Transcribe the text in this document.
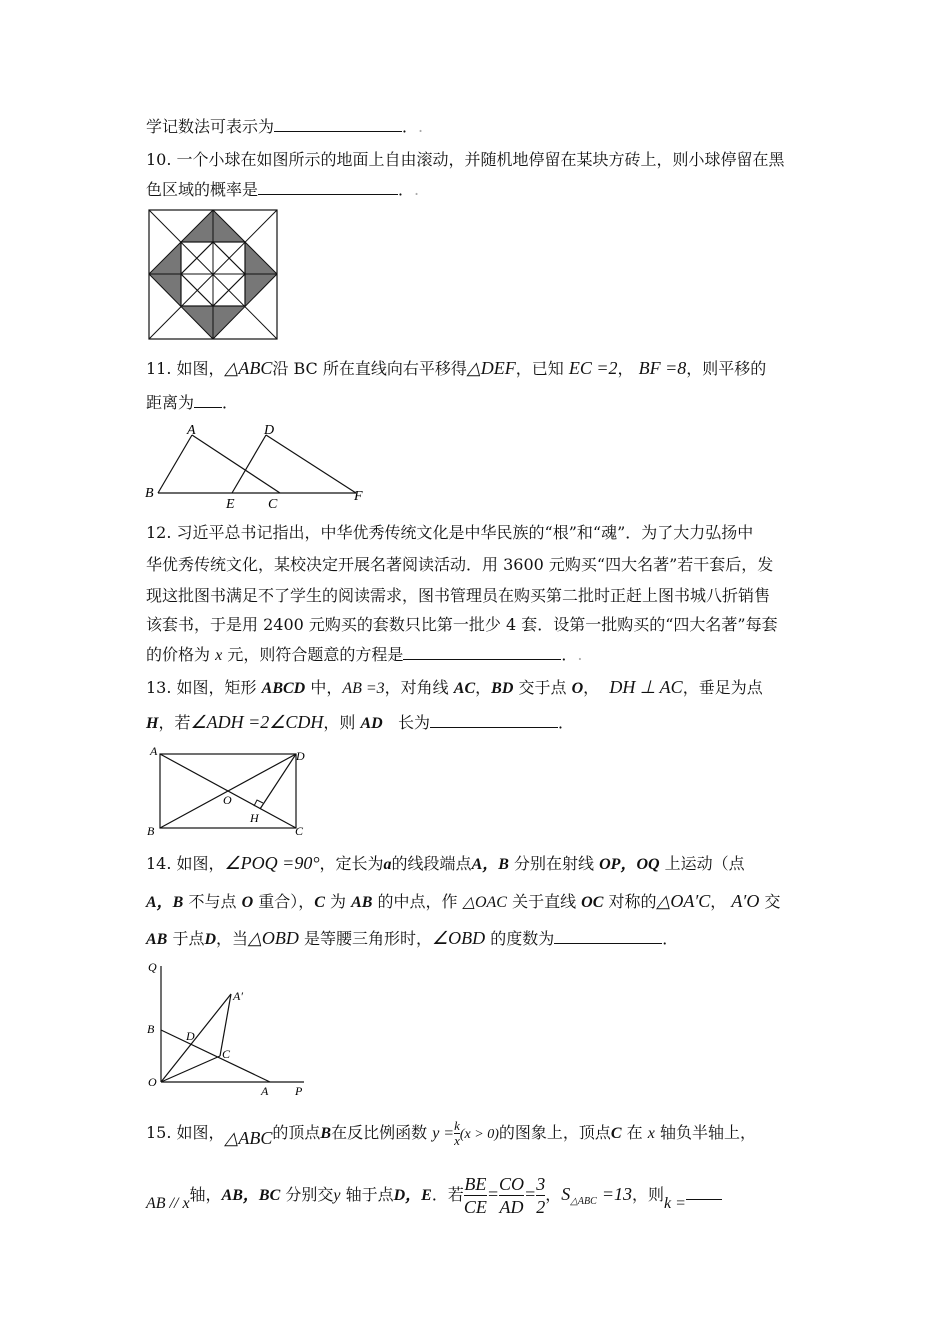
学记数法可表示为	．.
10. 一个小球在如图所示的地面上自由滚动，并随机地停留在某块方砖上，则小球停留在黑
色区域的概率是	．.
11. 如图，△ABC沿 BC 所在直线向右平移得△DEF，已知 EC =2， BF =8，则平移的
距离为 ．
A	D
B
E C
F
12. 习近平总书记指出，中华优秀传统文化是中华民族的“根”和“魂”．为了大力弘扬中
华优秀传统文化，某校决定开展名著阅读活动．用 3600 元购买“四大名著”若干套后，发
现这批图书满足不了学生的阅读需求，图书管理员在购买第二批时正赶上图书城八折销售
该套书，于是用 2400 元购买的套数只比第一批少 4 套．设第一批购买的“四大名著”每套
的价格为 x 元，则符合题意的方程是	．.
13. 如图，矩形 ABCD 中，AB =3，对角线 AC，BD 交于点 O，  DH ⊥ AC，垂足为点
H，若∠ADH =2∠CDH，则 AD 长为	．
A	D
O
H
B	C
14. 如图，∠POQ =90°，定长为a的线段端点A，B 分别在射线 OP，OQ 上运动（点
A，B 不与点 O 重合），C 为 AB 的中点，作 △OAC 关于直线 OC 对称的△OA′C， A′O 交
AB 于点D，当△OBD 是等腰三角形时，∠OBD 的度数为	．
Q
A′
B	D
C
O
A P
15. 如图，△ABC的顶点B在反比例函数 $y = \frac{k}{x} (x > 0)$的图象上，顶点C 在 x 轴负半轴上，
AB // x轴，AB，BC 分别交y 轴于点D，E．若 $\frac{BE}{CE} = \frac{CO}{AD} = \frac{3}{2}$ ，$S_{\triangle ABC} =13$，则k =
